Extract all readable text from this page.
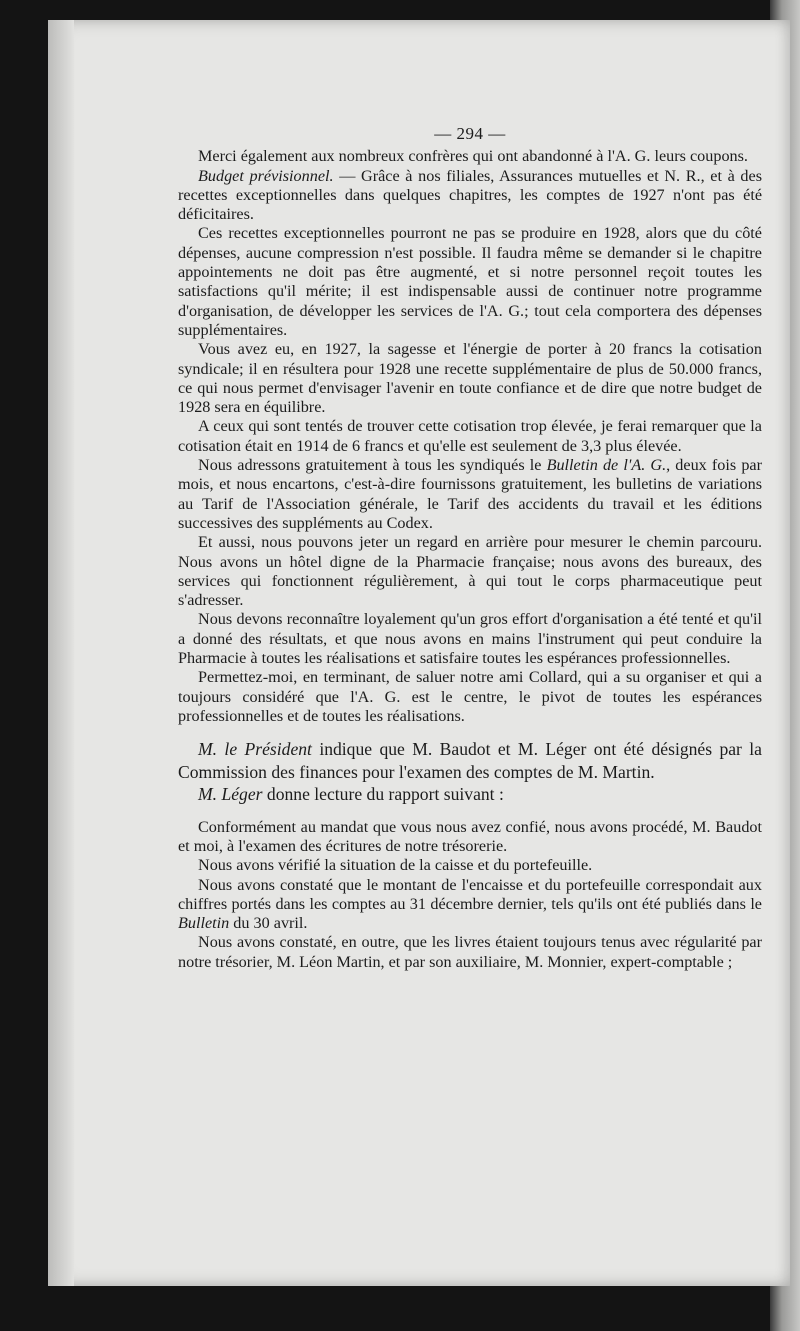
— 294 —

Merci également aux nombreux confrères qui ont abandonné à l'A. G. leurs coupons.

Budget prévisionnel. — Grâce à nos filiales, Assurances mutuelles et N. R., et à des recettes exceptionnelles dans quelques chapitres, les comptes de 1927 n'ont pas été déficitaires.

Ces recettes exceptionnelles pourront ne pas se produire en 1928, alors que du côté dépenses, aucune compression n'est possible. Il faudra même se demander si le chapitre appointements ne doit pas être augmenté, et si notre personnel reçoit toutes les satisfactions qu'il mérite; il est indispensable aussi de continuer notre programme d'organisation, de développer les services de l'A. G.; tout cela comportera des dépenses supplémentaires.

Vous avez eu, en 1927, la sagesse et l'énergie de porter à 20 francs la cotisation syndicale; il en résultera pour 1928 une recette supplémentaire de plus de 50.000 francs, ce qui nous permet d'envisager l'avenir en toute confiance et de dire que notre budget de 1928 sera en équilibre.

A ceux qui sont tentés de trouver cette cotisation trop élevée, je ferai remarquer que la cotisation était en 1914 de 6 francs et qu'elle est seulement de 3,3 plus élevée.

Nous adressons gratuitement à tous les syndiqués le Bulletin de l'A. G., deux fois par mois, et nous encartons, c'est-à-dire fournissons gratuitement, les bulletins de variations au Tarif de l'Association générale, le Tarif des accidents du travail et les éditions successives des suppléments au Codex.

Et aussi, nous pouvons jeter un regard en arrière pour mesurer le chemin parcouru. Nous avons un hôtel digne de la Pharmacie française; nous avons des bureaux, des services qui fonctionnent régulièrement, à qui tout le corps pharmaceutique peut s'adresser.

Nous devons reconnaître loyalement qu'un gros effort d'organisation a été tenté et qu'il a donné des résultats, et que nous avons en mains l'instrument qui peut conduire la Pharmacie à toutes les réalisations et satisfaire toutes les espérances professionnelles.

Permettez-moi, en terminant, de saluer notre ami Collard, qui a su organiser et qui a toujours considéré que l'A. G. est le centre, le pivot de toutes les espérances professionnelles et de toutes les réalisations.

M. le Président indique que M. Baudot et M. Léger ont été désignés par la Commission des finances pour l'examen des comptes de M. Martin.

M. Léger donne lecture du rapport suivant :

Conformément au mandat que vous nous avez confié, nous avons procédé, M. Baudot et moi, à l'examen des écritures de notre trésorerie.

Nous avons vérifié la situation de la caisse et du portefeuille.

Nous avons constaté que le montant de l'encaisse et du portefeuille correspondait aux chiffres portés dans les comptes au 31 décembre dernier, tels qu'ils ont été publiés dans le Bulletin du 30 avril.

Nous avons constaté, en outre, que les livres étaient toujours tenus avec régularité par notre trésorier, M. Léon Martin, et par son auxiliaire, M. Monnier, expert-comptable ;
